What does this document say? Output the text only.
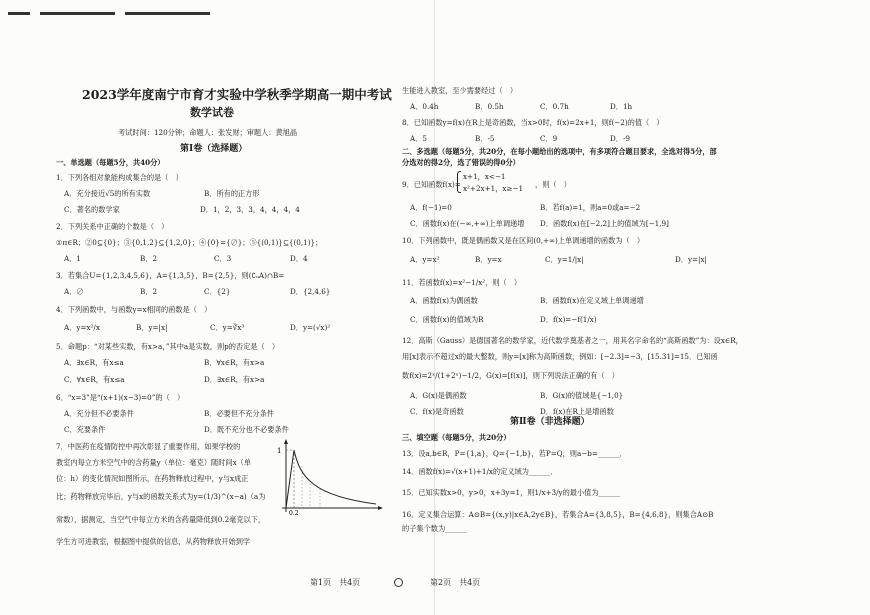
2023学年度南宁市育才实验中学秋季学期高一期中考试
数学试卷
考试时间：120分钟；命题人：张发财；审题人：黄旭晶
第Ⅰ卷（选择题）
一、单选题（每题5分，共40分）
1．下列各组对象能构成集合的是（　）
A．充分接近√5的所有实数	B．所有的正方形
C．著名的数学家	D．1，2，3，3，4，4，4，4
2．下列关系中正确的个数是（　）
①π∈R；②0⊆{0}；③{0,1,2}⊆{1,2,0}；④{0}={∅}；⑤{(0,1)}⊆{(0,1)}；
A．1	B．2	C．3	D．4
3．若集合U={1,2,3,4,5,6}，A={1,3,5}，B={2,5}，则(∁ᵤA)∩B=
A．∅	B．2	C．{2}	D．{2,4,6}
4．下列函数中，与函数y=x相同的函数是（　）
A．y=x²/x	B．y=|x|	C．y=∛x³	D．y=(√x)²
5．命题p：“对某些实数，有x>a，”其中a是实数，则p的否定是（　）
A．∃x∈R，有x≤a	B．∀x∈R，有x>a
C．∀x∈R，有x≤a	D．∃x∈R，有x>a
6．“x=3”是“(x+1)(x−3)=0”的（　）
A．充分但不必要条件	B．必要但不充分条件
C．充要条件	D．既不充分也不必要条件
7．中医药在疫情防控中再次彰显了重要作用，如果学校的
教室内每立方米空气中的含药量y（单位：毫克）随时间x（单
位：h）的变化情况如图所示，在药物释放过程中，y与x成正
比；药物释放完毕后，y与x的函数关系式为y=(1/3)^(x−a)（a为
常数），据测定，当空气中每立方米的含药量降低到0.2毫克以下，
学生方可进教室，根据图中提供的信息，从药物释放开始到学
1
0.2
第1页　共4页
生能进入教室，至少需要经过（　）
A．0.4h	B．0.5h	C．0.7h	D．1h
8．已知函数y=f(x)在R上是奇函数，当x>0时，f(x)=2x+1，则f(−2)的值（　）
A．5	B．-5	C．9	D．-9
二、多选题（每题5分，共20分，在每小题给出的选项中，有多项符合题目要求，全选对得5分，部
分选对的得2分，选了错误的得0分）
9．已知函数f(x)=
x+1，x<−1
x²+2x+1，x≥−1 ，则（　）
A．f(−1)=0	B．若f(a)=1，则a=0或a=−2
C．函数f(x)在(−∞,+∞)上单调递增 D．函数f(x)在[−2,2]上的值域为[−1,9]
10．下列函数中，既是偶函数又是在区间(0,+∞)上单调递增的函数为（　）
A．y=x²	B．y=x	C．y=1/|x|	D．y=|x|
11．若函数f(x)=x²−1/x²，则（　）
A．函数f(x)为偶函数	B．函数f(x)在定义域上单调递增
C．函数f(x)的值域为R	D．f(x)=−f(1/x)
12．高斯（Gauss）是德国著名的数学家，近代数学奠基者之一，用其名字命名的“高斯函数”为：设x∈R，
用[x]表示不超过x的最大整数，则y=[x]称为高斯函数，例如：[−2.3]=−3，[15.31]=15．已知函
数f(x)=2ˣ/(1+2ˣ)−1/2，G(x)=[f(x)]，则下列说法正确的有（　）
A．G(x)是偶函数	B．G(x)的值域是{−1,0}
C．f(x)是奇函数	D．f(x)在R上是增函数
第Ⅱ卷（非选择题）
三、填空题（每题5分，共20分）
13．设a,b∈R，P={1,a}，Q={−1,b}，若P=Q，则a−b=______．
14．函数f(x)=√(x+1)+1/x的定义域为______．
15．已知实数x>0，y>0，x+3y=1，则1/x+3/y的最小值为______
16．定义集合运算：A⊙B={(x,y)|x∈A,2y∈B}，若集合A={3,8,5}，B={4,6,8}，则集合A⊙B
的子集个数为______
第2页　共4页
